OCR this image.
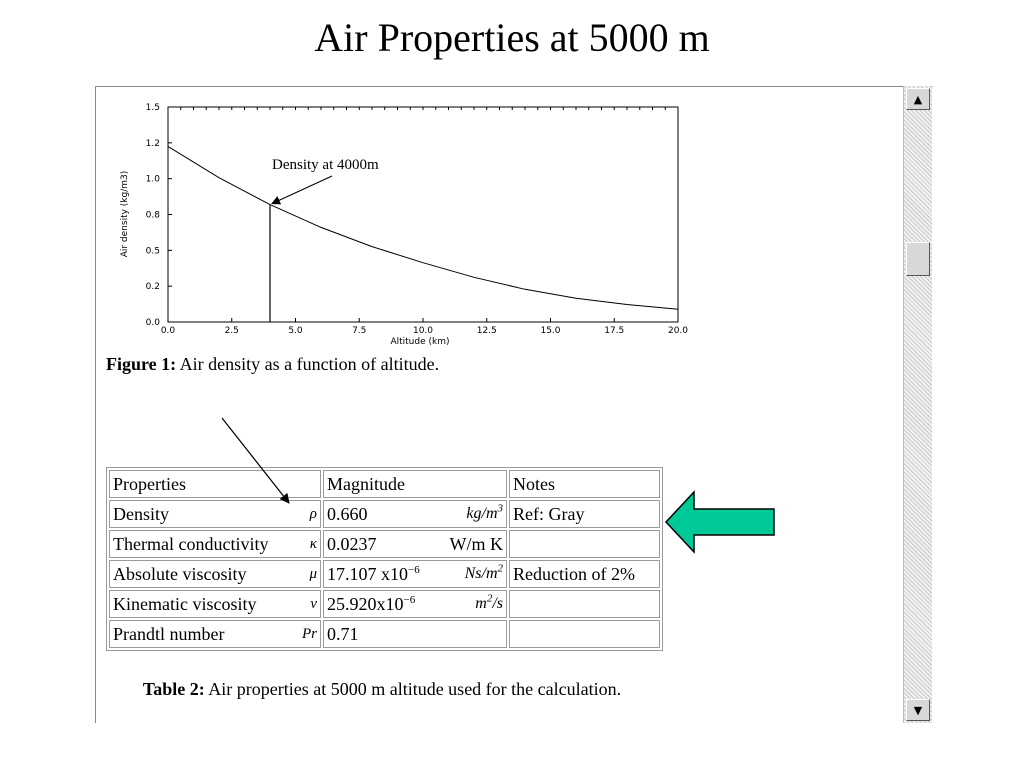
Air Properties at 5000 m
0.0	2.5	5.0	7.5	10.0	12.5	15.0	17.5	20.0
0.0
0.2
0.5
0.8
1.0
1.2
1.5
Altitude (km)
Air density (kg/m3)
Density at 4000m
Figure 1: Air density as a function of altitude.
Properties	Magnitude	Notes

Density ρ	0.660 $kg/m^3$	Ref: Gray

Thermal conductivity κ	0.0237 W/m K	

Absolute viscosity μ	17.107 $x10^{-6}$ $Ns/m^2$	Reduction of 2%

Kinematic viscosity ν	$25.920x10^{-6}$ $m^2/s$	

Prandtl number Pr	0.71	

Table 2: Air properties at 5000 m altitude used for the calculation.
▲
▼
